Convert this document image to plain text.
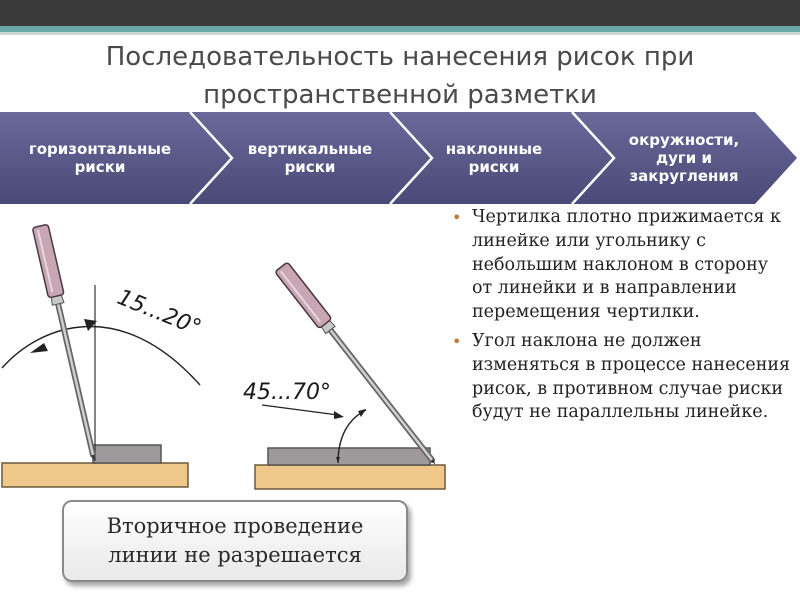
Последовательность нанесения рисок при
пространственной разметки
горизонтальные
риски
вертикальные
риски
наклонные
риски
окружности,
дуги и
закругления
15...20°
45...70°
• Чертилка плотно прижимается к линейке или угольнику с небольшим наклоном в сторону от линейки и в направлении перемещения чертилки.
• Угол наклона не должен изменяться в процессе нанесения рисок, в противном случае риски будут не параллельны линейке.
Вторичное проведение
линии не разрешается
